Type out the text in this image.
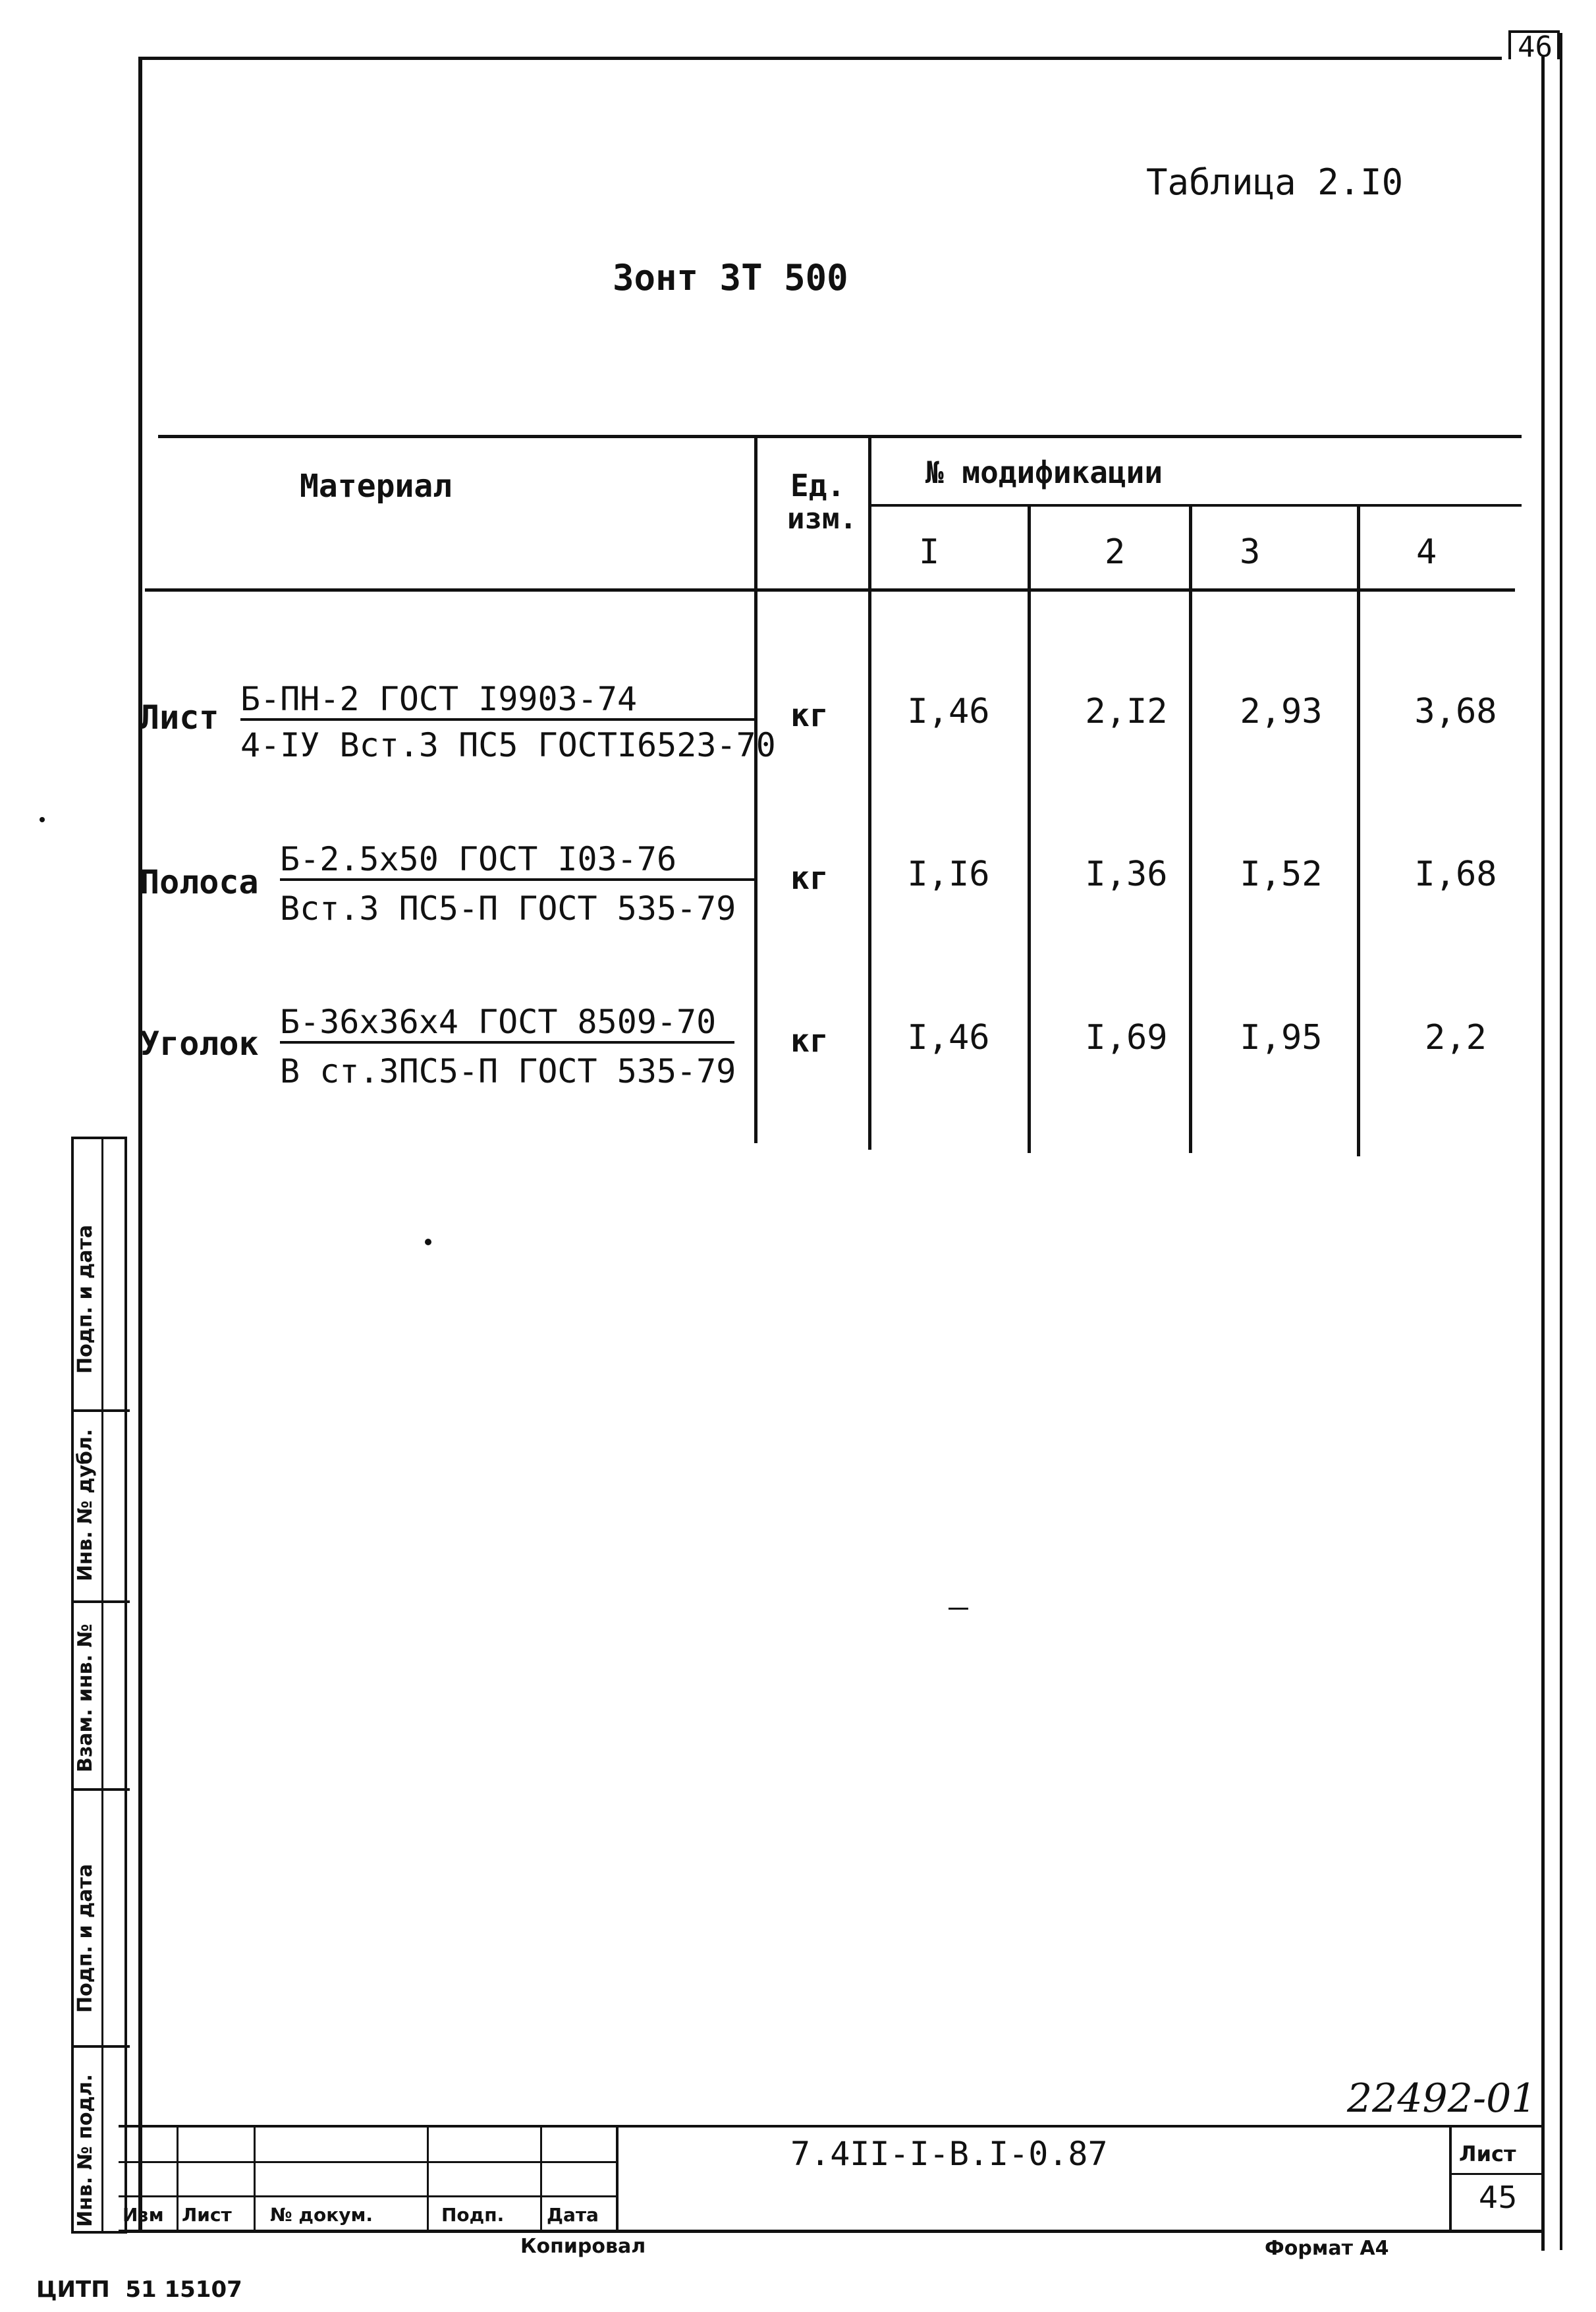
46
Таблица 2.I0
Зонт ЗТ 500
Материал	Ед.
изм.
№ модификации
I	2	3	4
Лист Б-ПН-2 ГОСТ I9903-74
4-IУ Вст.3 ПС5 ГОСТI6523-70
кг	I,46	2,I2	2,93	3,68
Полоса
Б-2.5х50 ГОСТ I03-76
Вст.3 ПС5-П ГОСТ 535-79
кг	I,I6	I,36	I,52	I,68
Уголок
Б-36х36х4 ГОСТ 8509-70
В ст.ЗПС5-П ГОСТ 535-79
кг	I,46	I,69	I,95	2,2
Подп. и дата
Инв. № дубл.
Взам. инв. №
Подп. и дата
Инв. № подл. Изм Лист № докум.	Подп. Дата
7.4II-I-В.I-0.87
22492-01
Лист
45
Копировал	Формат А4
ЦИТП  51 15107
